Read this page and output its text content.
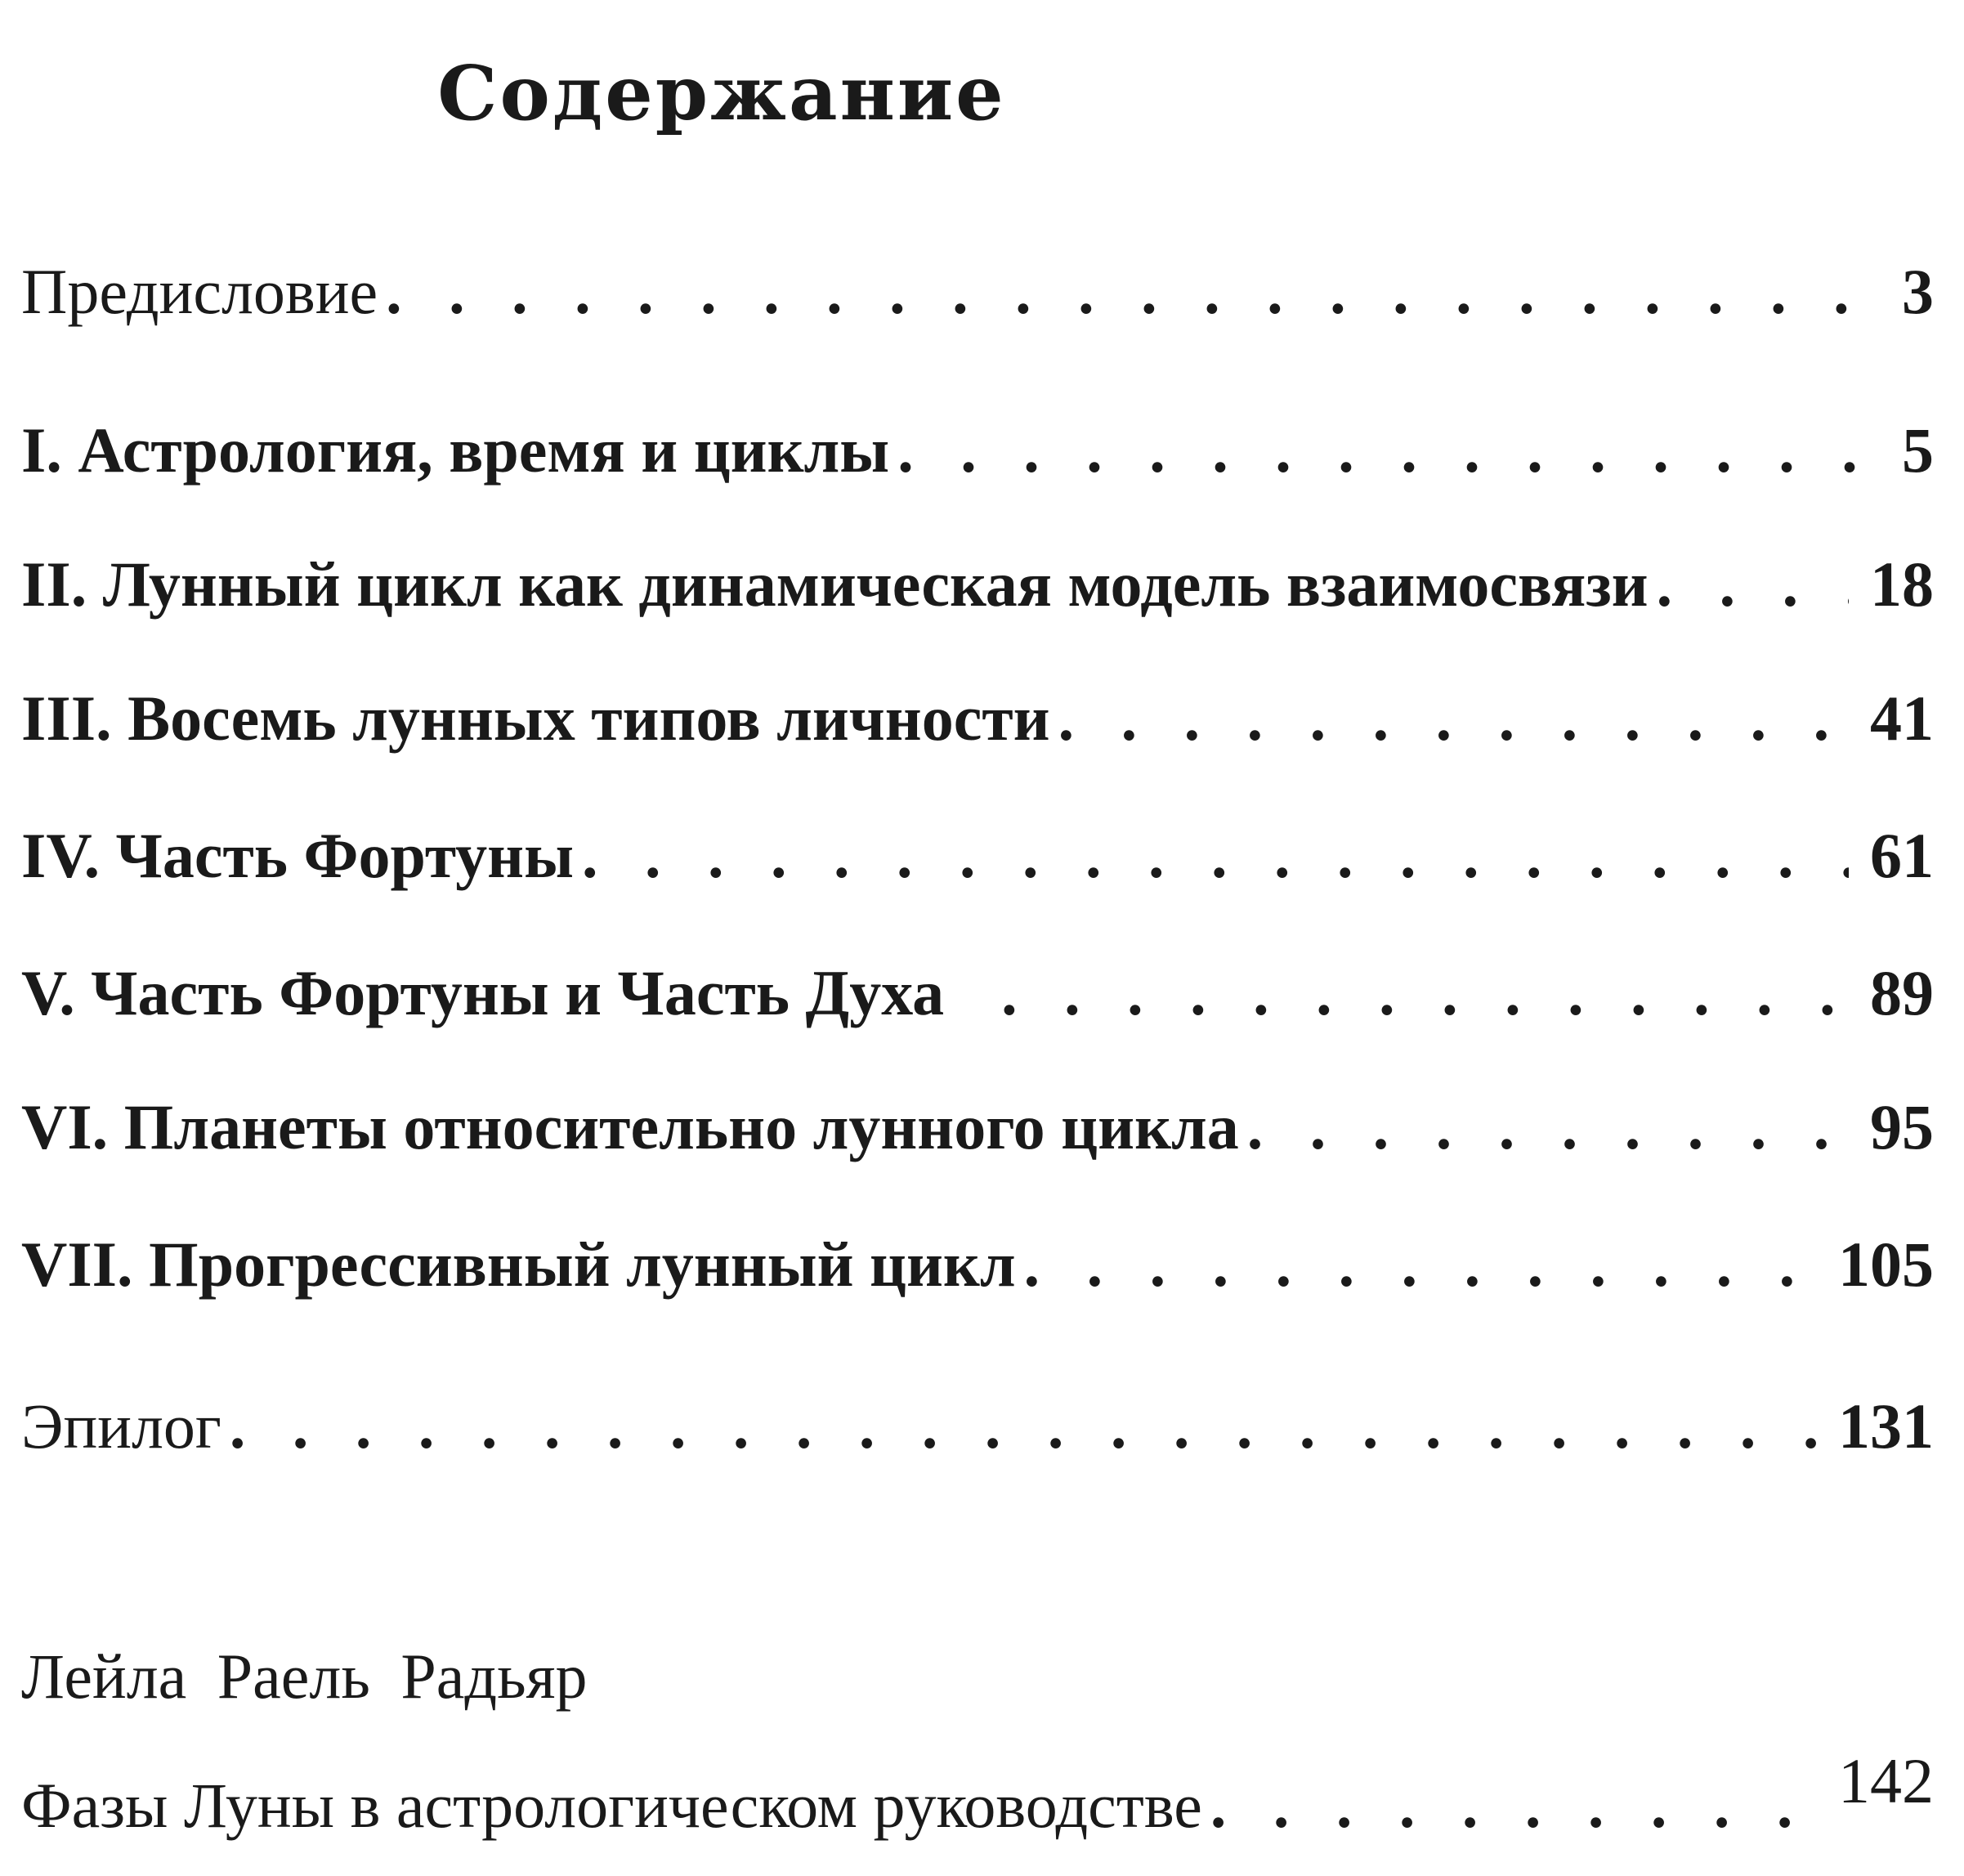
Содержание
Предисловие . . .	3
I. Астрология, время и циклы . . .	5
II. Лунный цикл как динамическая модель взаимосвязи . . .	18
III. Восемь лунных типов личности . . .	41
IV. Часть Фортуны . . .	61
V. Часть Фортуны и Часть Духа . . .	89
VI. Планеты относительно лунного цикла . . .	95
VII. Прогрессивный лунный цикл . . .	105
Эпилог . . .	131
Лейла Раель Радьяр
Фазы Луны в астрологическом руководстве . . .	142
